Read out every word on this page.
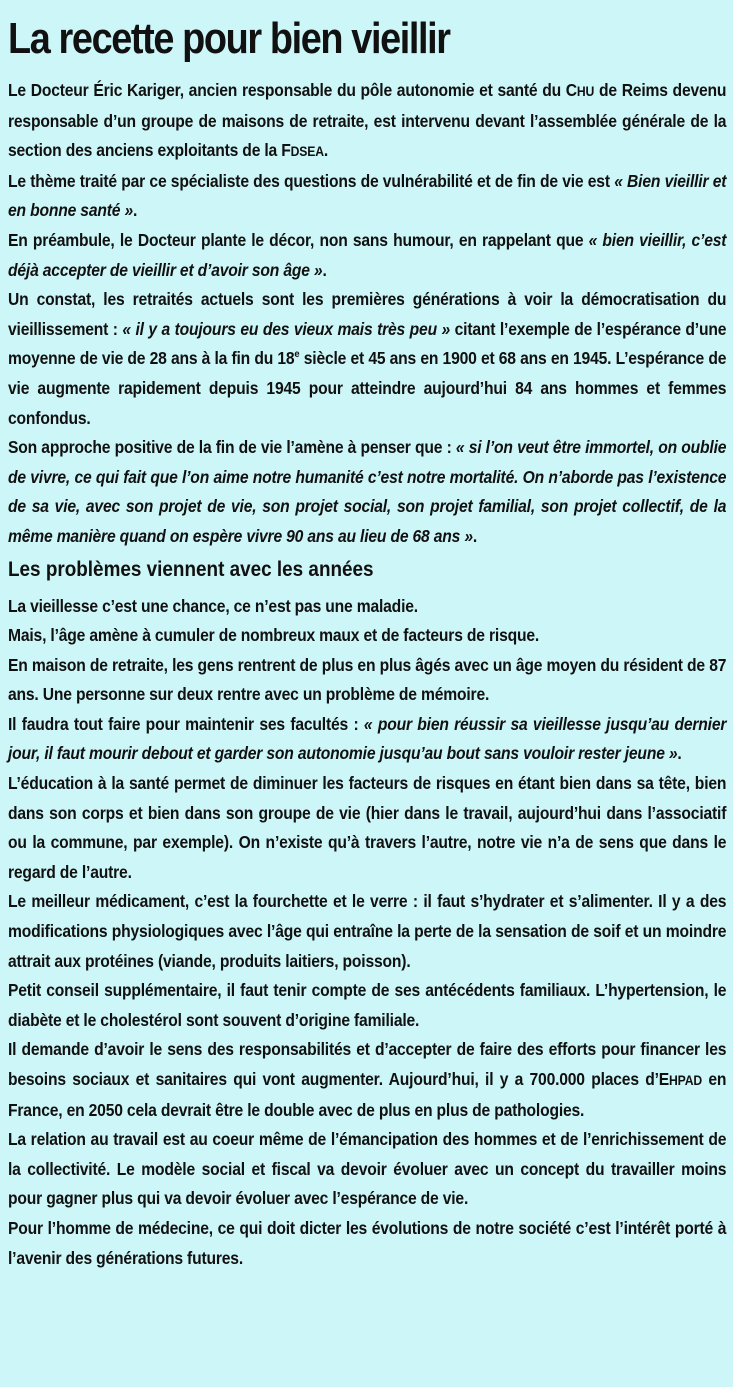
La recette pour bien vieillir

Le Docteur Éric Kariger, ancien responsable du pôle autonomie et santé du CHU de Reims devenu responsable d’un groupe de maisons de retraite, est intervenu devant l’assemblée générale de la section des anciens exploitants de la FDSEA.

Le thème traité par ce spécialiste des questions de vulnérabilité et de fin de vie est « Bien vieillir et en bonne santé ».

En préambule, le Docteur plante le décor, non sans humour, en rappelant que « bien vieillir, c’est déjà accepter de vieillir et d’avoir son âge ».

Un constat, les retraités actuels sont les premières générations à voir la démocratisation du vieillissement : « il y a toujours eu des vieux mais très peu » citant l’exemple de l’espérance d’une moyenne de vie de 28 ans à la fin du 18e siècle et 45 ans en 1900 et 68 ans en 1945. L’espérance de vie augmente rapidement depuis 1945 pour atteindre aujourd’hui 84 ans hommes et femmes confondus.

Son approche positive de la fin de vie l’amène à penser que : « si l’on veut être immortel, on oublie de vivre, ce qui fait que l’on aime notre humanité c’est notre mortalité. On n’aborde pas l’existence de sa vie, avec son projet de vie, son projet social, son projet familial, son projet collectif, de la même manière quand on espère vivre 90 ans au lieu de 68 ans ».

Les problèmes viennent avec les années

La vieillesse c’est une chance, ce n’est pas une maladie.

Mais, l’âge amène à cumuler de nombreux maux et de facteurs de risque.

En maison de retraite, les gens rentrent de plus en plus âgés avec un âge moyen du résident de 87 ans. Une personne sur deux rentre avec un problème de mémoire.

Il faudra tout faire pour maintenir ses facultés : « pour bien réussir sa vieillesse jusqu’au dernier jour, il faut mourir debout et garder son autonomie jusqu’au bout sans vouloir rester jeune ».

L’éducation à la santé permet de diminuer les facteurs de risques en étant bien dans sa tête, bien dans son corps et bien dans son groupe de vie (hier dans le travail, aujourd’hui dans l’associatif ou la commune, par exemple). On n’existe qu’à travers l’autre, notre vie n’a de sens que dans le regard de l’autre.

Le meilleur médicament, c’est la fourchette et le verre : il faut s’hydrater et s’alimenter. Il y a des modifications physiologiques avec l’âge qui entraîne la perte de la sensation de soif et un moindre attrait aux protéines (viande, produits laitiers, poisson).

Petit conseil supplémentaire, il faut tenir compte de ses antécédents familiaux. L’hypertension, le diabète et le cholestérol sont souvent d’origine familiale.

Il demande d’avoir le sens des responsabilités et d’accepter de faire des efforts pour financer les besoins sociaux et sanitaires qui vont augmenter. Aujourd’hui, il y a 700.000 places d’EHPAD en France, en 2050 cela devrait être le double avec de plus en plus de pathologies.

La relation au travail est au coeur même de l’émancipation des hommes et de l’enrichissement de la collectivité. Le modèle social et fiscal va devoir évoluer avec un concept du travailler moins pour gagner plus qui va devoir évoluer avec l’espérance de vie.

Pour l’homme de médecine, ce qui doit dicter les évolutions de notre société c’est l’intérêt porté à l’avenir des générations futures.
